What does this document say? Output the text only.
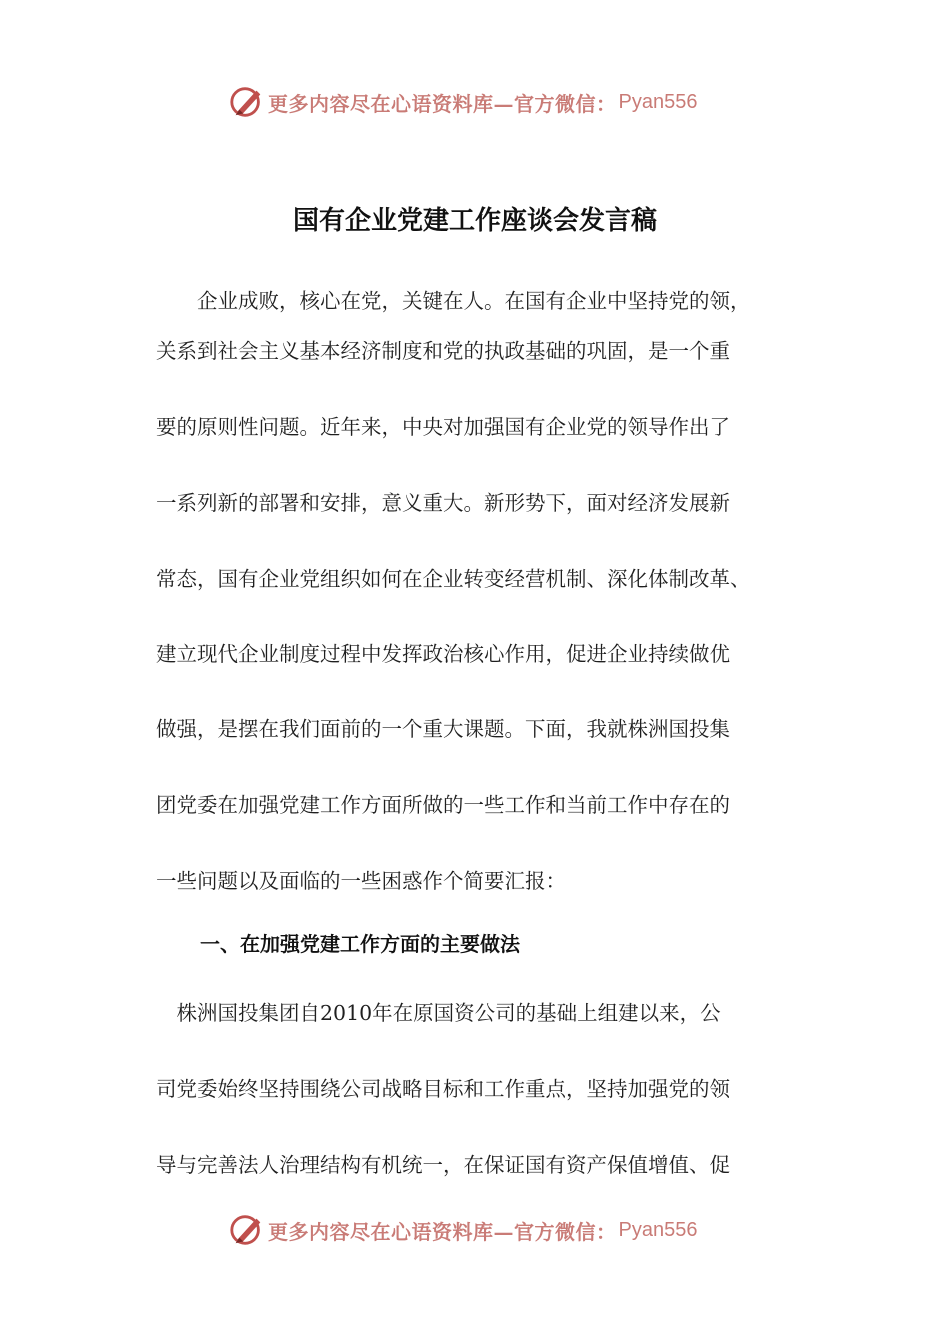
更多内容尽在心语资料库—官方微信： Pyan556
国有企业党建工作座谈会发言稿
　　企业成败，核心在党，关键在人。在国有企业中坚持党的领，
关系到社会主义基本经济制度和党的执政基础的巩固，是一个重
要的原则性问题。近年来，中央对加强国有企业党的领导作出了
一系列新的部署和安排，意义重大。新形势下，面对经济发展新
常态，国有企业党组织如何在企业转变经营机制、深化体制改革、
建立现代企业制度过程中发挥政治核心作用，促进企业持续做优
做强，是摆在我们面前的一个重大课题。下面，我就株洲国投集
团党委在加强党建工作方面所做的一些工作和当前工作中存在的
一些问题以及面临的一些困惑作个简要汇报：
一、在加强党建工作方面的主要做法
　株洲国投集团自2010年在原国资公司的基础上组建以来，公
司党委始终坚持围绕公司战略目标和工作重点，坚持加强党的领
导与完善法人治理结构有机统一，在保证国有资产保值增值、促
更多内容尽在心语资料库—官方微信： Pyan556
